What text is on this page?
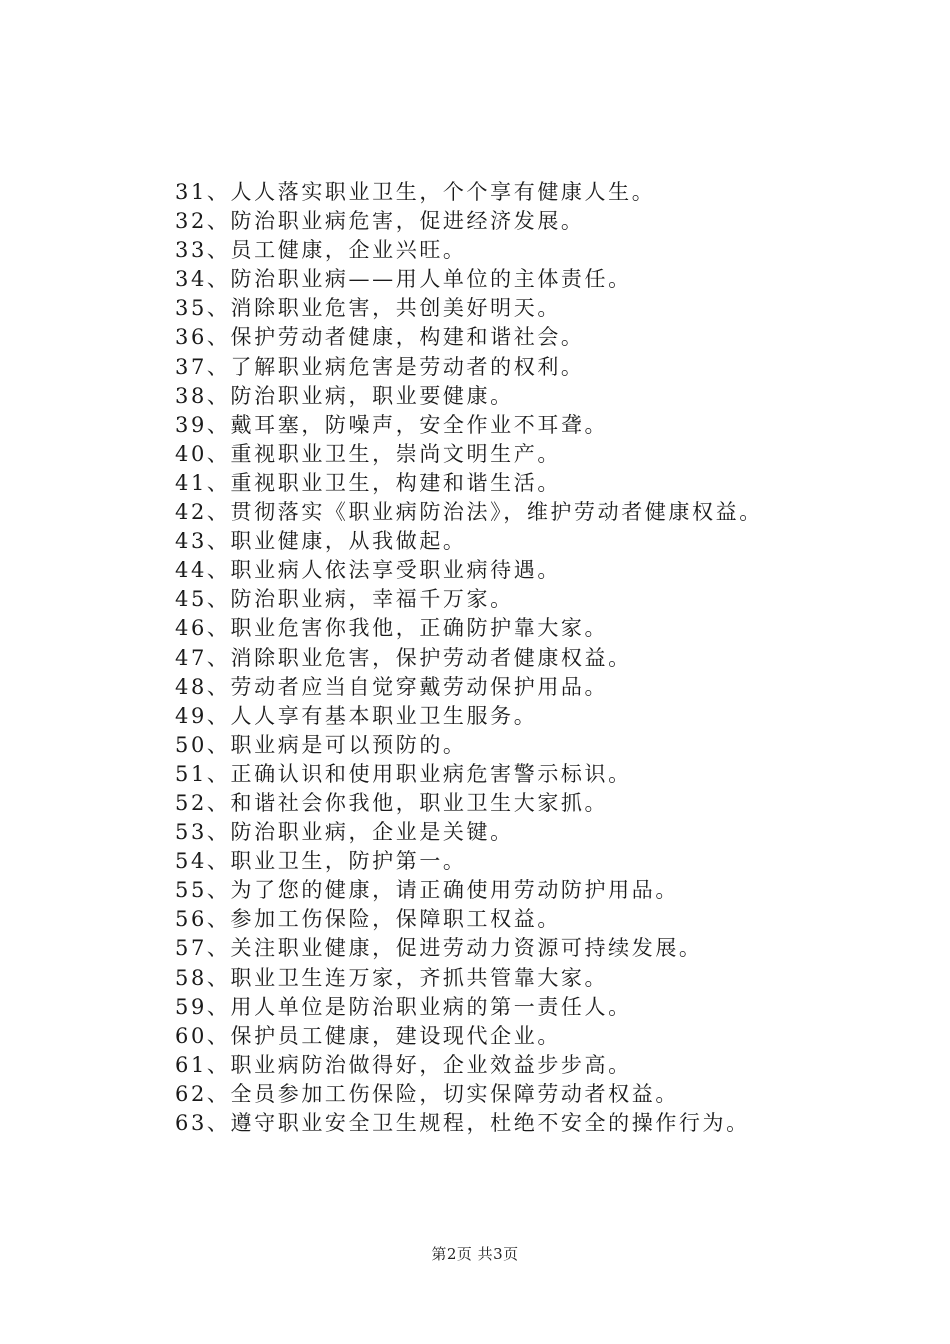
31、人人落实职业卫生，个个享有健康人生。
32、防治职业病危害，促进经济发展。
33、员工健康，企业兴旺。
34、防治职业病——用人单位的主体责任。
35、消除职业危害，共创美好明天。
36、保护劳动者健康，构建和谐社会。
37、了解职业病危害是劳动者的权利。
38、防治职业病，职业要健康。
39、戴耳塞，防噪声，安全作业不耳聋。
40、重视职业卫生，崇尚文明生产。
41、重视职业卫生，构建和谐生活。
42、贯彻落实《职业病防治法》，维护劳动者健康权益。
43、职业健康，从我做起。
44、职业病人依法享受职业病待遇。
45、防治职业病，幸福千万家。
46、职业危害你我他，正确防护靠大家。
47、消除职业危害，保护劳动者健康权益。
48、劳动者应当自觉穿戴劳动保护用品。
49、人人享有基本职业卫生服务。
50、职业病是可以预防的。
51、正确认识和使用职业病危害警示标识。
52、和谐社会你我他，职业卫生大家抓。
53、防治职业病，企业是关键。
54、职业卫生，防护第一。
55、为了您的健康，请正确使用劳动防护用品。
56、参加工伤保险，保障职工权益。
57、关注职业健康，促进劳动力资源可持续发展。
58、职业卫生连万家，齐抓共管靠大家。
59、用人单位是防治职业病的第一责任人。
60、保护员工健康，建设现代企业。
61、职业病防治做得好，企业效益步步高。
62、全员参加工伤保险，切实保障劳动者权益。
63、遵守职业安全卫生规程，杜绝不安全的操作行为。
第2页 共3页
